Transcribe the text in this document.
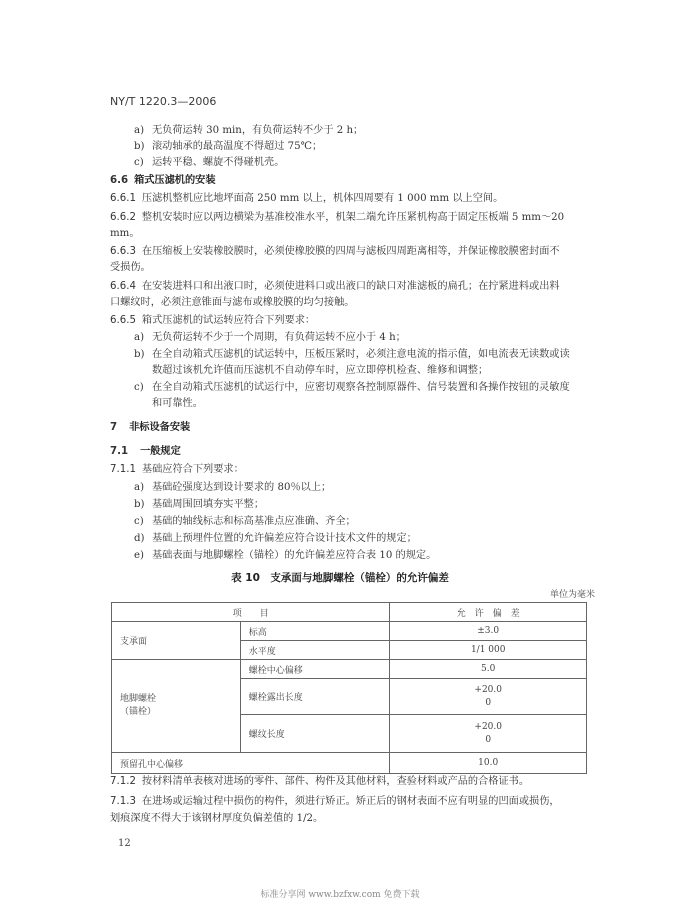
NY/T 1220.3—2006
a) 无负荷运转 30 min，有负荷运转不少于 2 h；
b) 滚动轴承的最高温度不得超过 75℃；
c) 运转平稳、螺旋不得碰机壳。
6.6 箱式压滤机的安装
6.6.1 压滤机整机应比地坪面高 250 mm 以上，机体四周要有 1 000 mm 以上空间。
6.6.2 整机安装时应以两边横梁为基准校准水平，机架二端允许压紧机构高于固定压板端 5 mm～20
mm。
6.6.3 在压缩板上安装橡胶膜时，必须使橡胶膜的四周与滤板四周距离相等，并保证橡胶膜密封面不
受损伤。
6.6.4 在安装进料口和出液口时，必须使进料口或出液口的缺口对准滤板的扁孔；在拧紧进料或出料
口螺纹时，必须注意锥面与滤布或橡胶膜的均匀接触。
6.6.5 箱式压滤机的试运转应符合下列要求：
a) 无负荷运转不少于一个周期，有负荷运转不应小于 4 h；
b) 在全自动箱式压滤机的试运转中，压板压紧时，必须注意电流的指示值，如电流表无读数或读
数超过该机允许值而压滤机不自动停车时，应立即停机检查、维修和调整；
c) 在全自动箱式压滤机的试运行中，应密切观察各控制原器件、信号装置和各操作按钮的灵敏度
和可靠性。
7 非标设备安装
7.1 一般规定
7.1.1 基础应符合下列要求：
a) 基础砼强度达到设计要求的 80％以上；
b) 基础周围回填夯实平整；
c) 基础的轴线标志和标高基准点应准确、齐全；
d) 基础上预埋件位置的允许偏差应符合设计技术文件的规定；
e) 基础表面与地脚螺栓（锚栓）的允许偏差应符合表 10 的规定。
表 10　支承面与地脚螺栓（锚栓）的允许偏差
单位为毫米
项　　目		允　许　偏　差
支承面	标高	±3.0
	水平度	1/1 000

地脚螺栓
（锚栓）	螺栓中心偏移	5.0
	螺栓露出长度	+20.0
0

	螺纹长度	+20.0
0

预留孔中心偏移		10.0
7.1.2 按材料清单表核对进场的零件、部件、构件及其他材料，查验材料或产品的合格证书。
7.1.3 在进场或运输过程中损伤的构件，须进行矫正。矫正后的钢材表面不应有明显的凹面或损伤，
划痕深度不得大于该钢材厚度负偏差值的 1/2。
12
标准分享网 www.bzfxw.com 免费下载
